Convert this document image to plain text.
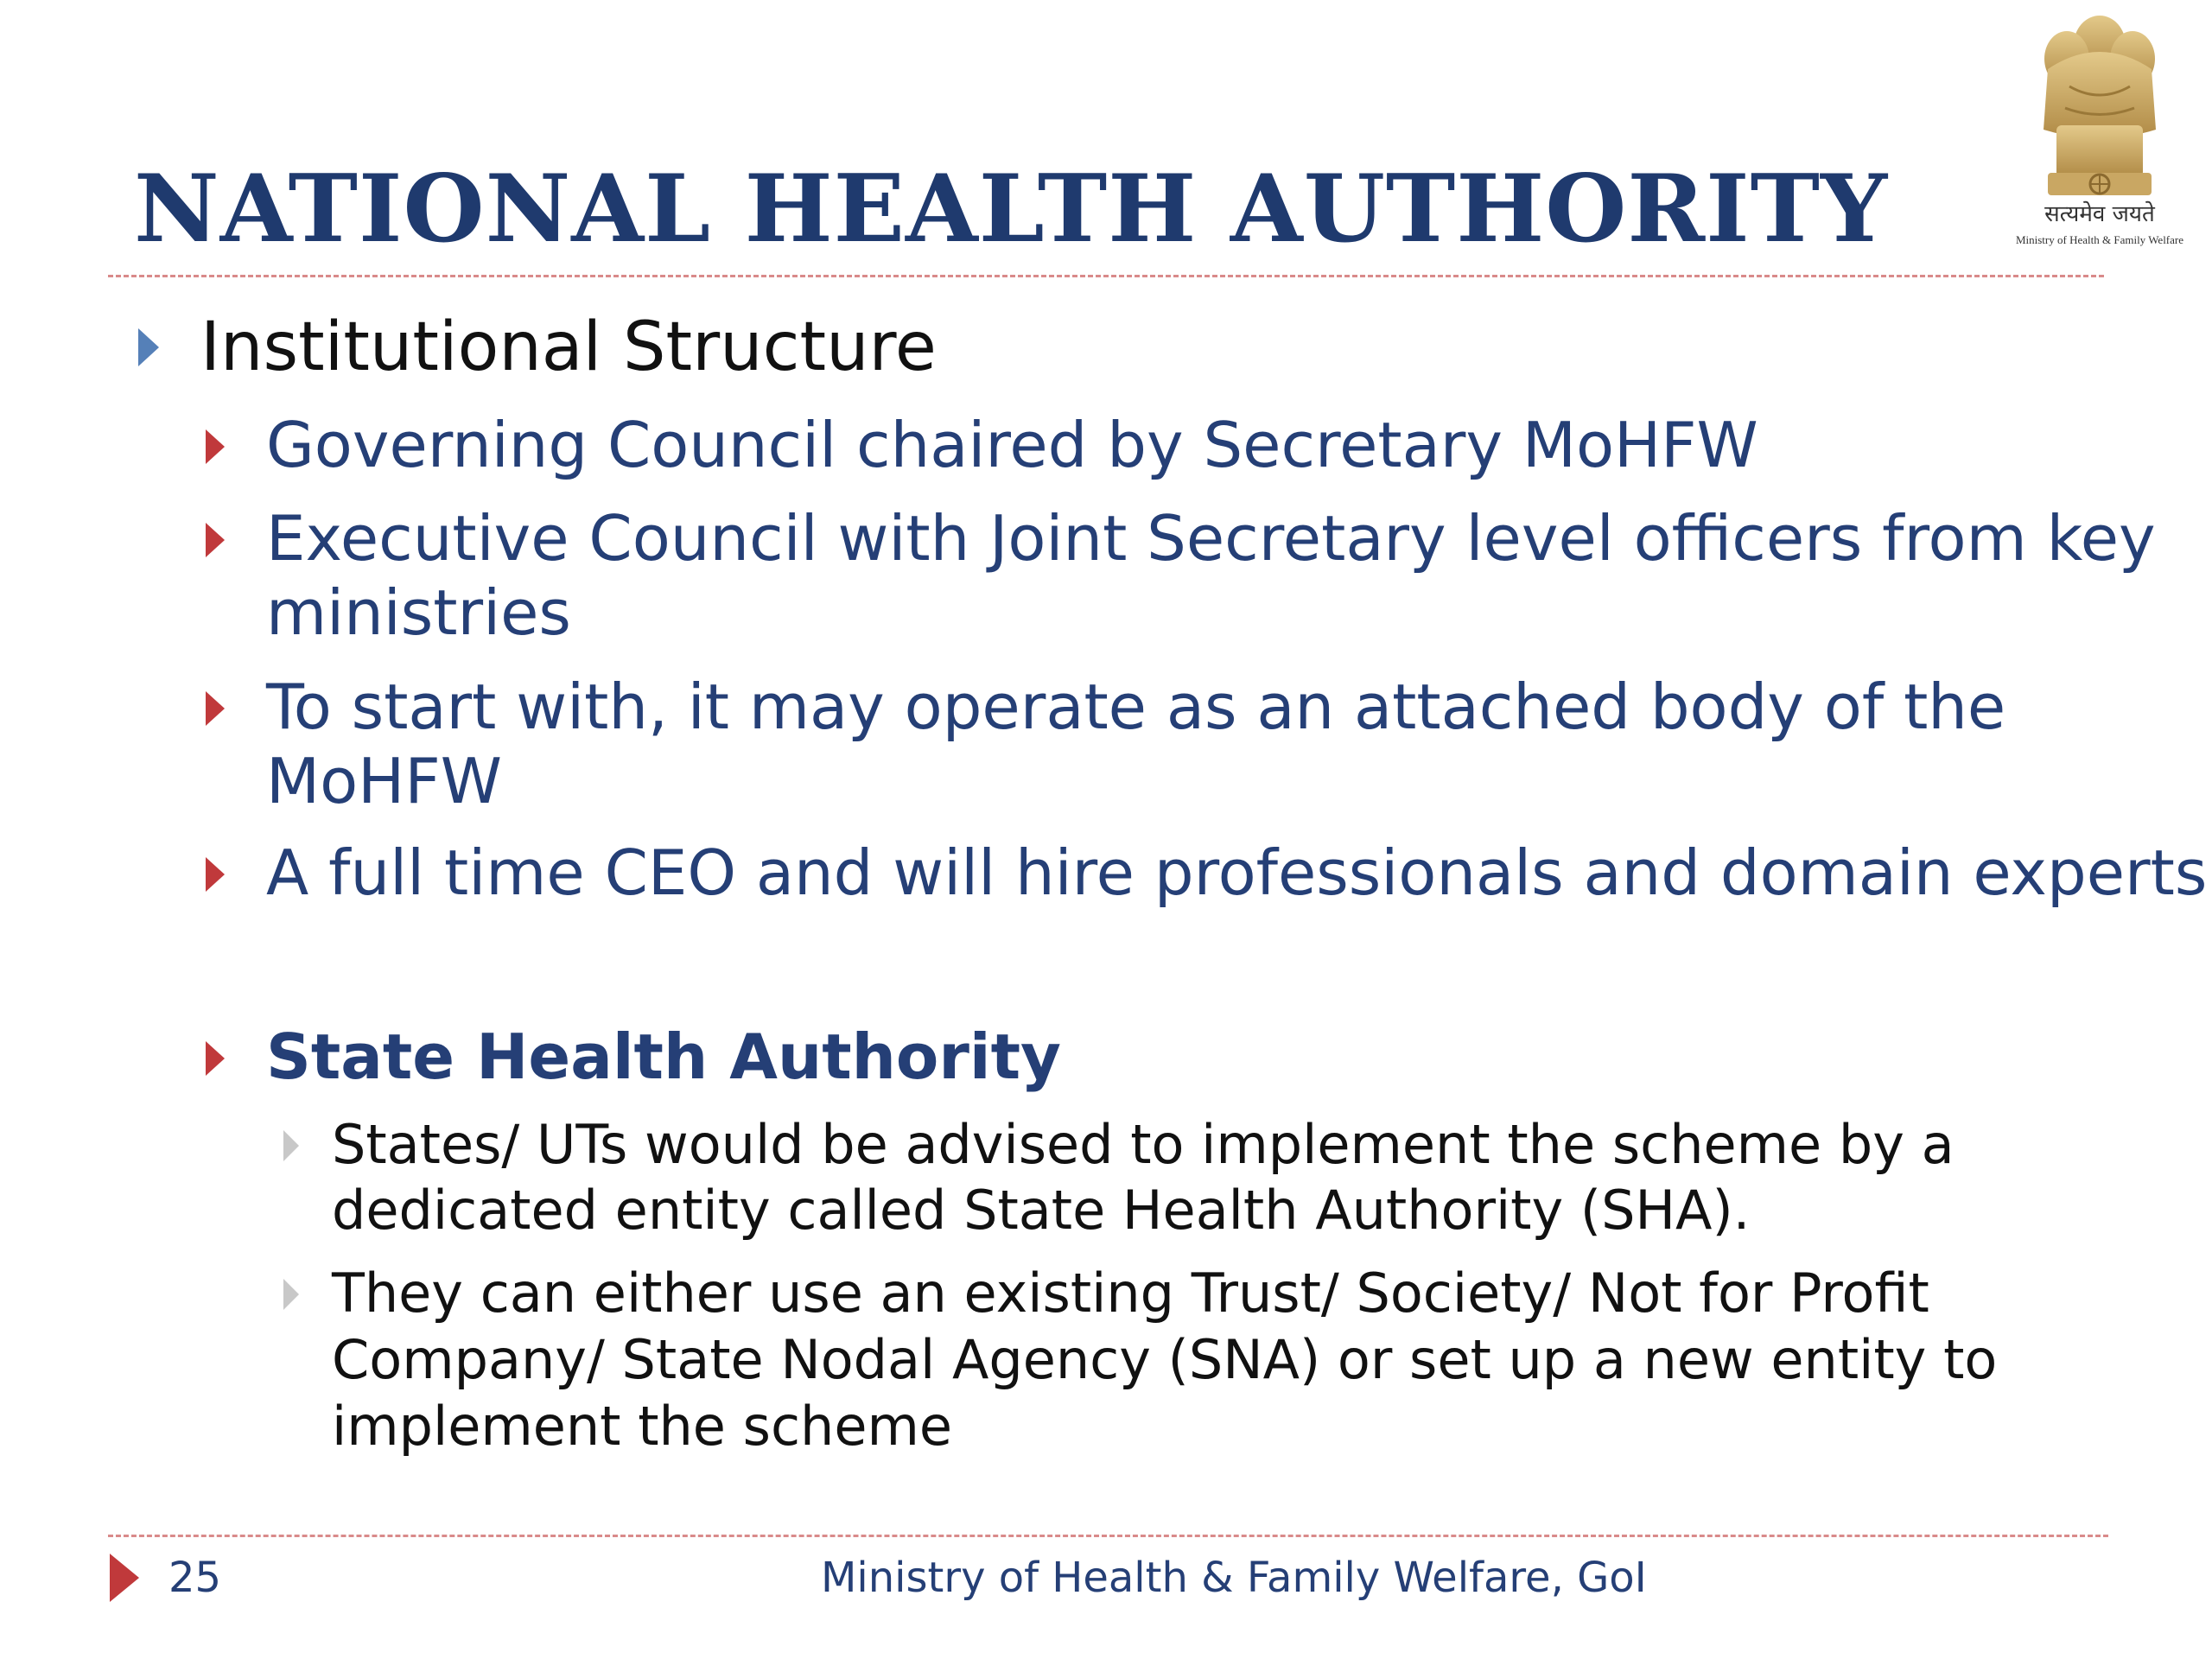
NATIONAL HEALTH AUTHORITY	सत्यमेव जयते
Ministry of Health & Family Welfare
Institutional Structure
Governing Council chaired by Secretary MoHFW
Executive Council with Joint Secretary level officers from key
ministries
To start with, it may operate as an attached body of the
MoHFW
A full time CEO and will hire professionals and domain experts
State Health Authority
States/ UTs would be advised to implement the scheme by a
dedicated entity called State Health Authority (SHA).
They can either use an existing Trust/ Society/ Not for Profit
Company/ State Nodal Agency (SNA) or set up a new entity to
implement the scheme
25	Ministry of Health & Family Welfare, GoI
